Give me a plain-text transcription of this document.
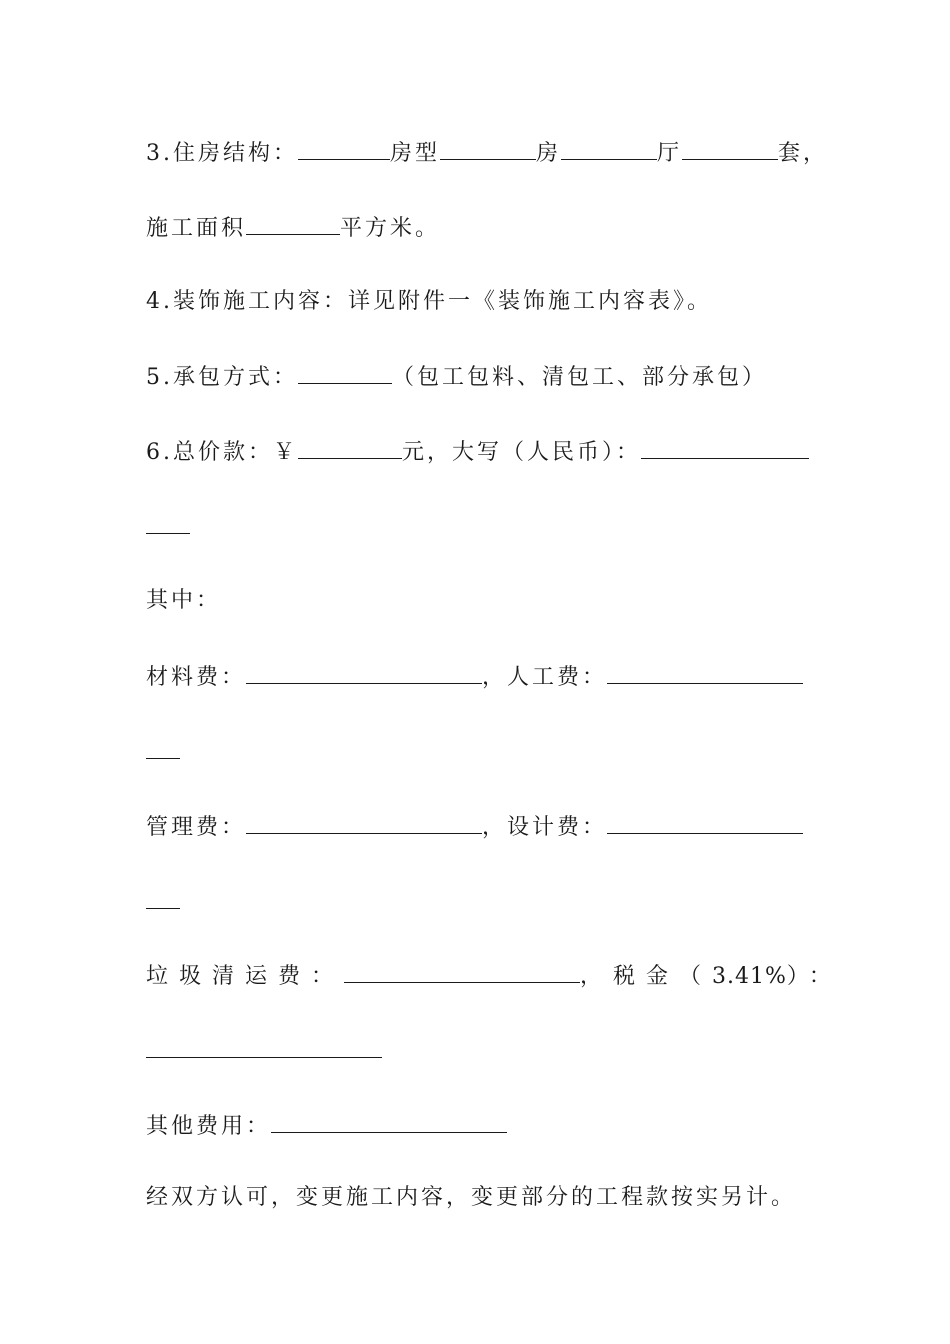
3.住房结构：	房型	房	厅	套，
施工面积	平方米。
4.装饰施工内容：详见附件一《装饰施工内容表》。
5.承包方式：	（包工包料、清包工、部分承包）
6.总价款：￥	元，大写（人民币）：
其中：
材料费：	，人工费：
管理费：	，设计费：
垃圾清运费：	，税金（3.41%）：
其他费用：
经双方认可，变更施工内容，变更部分的工程款按实另计。
